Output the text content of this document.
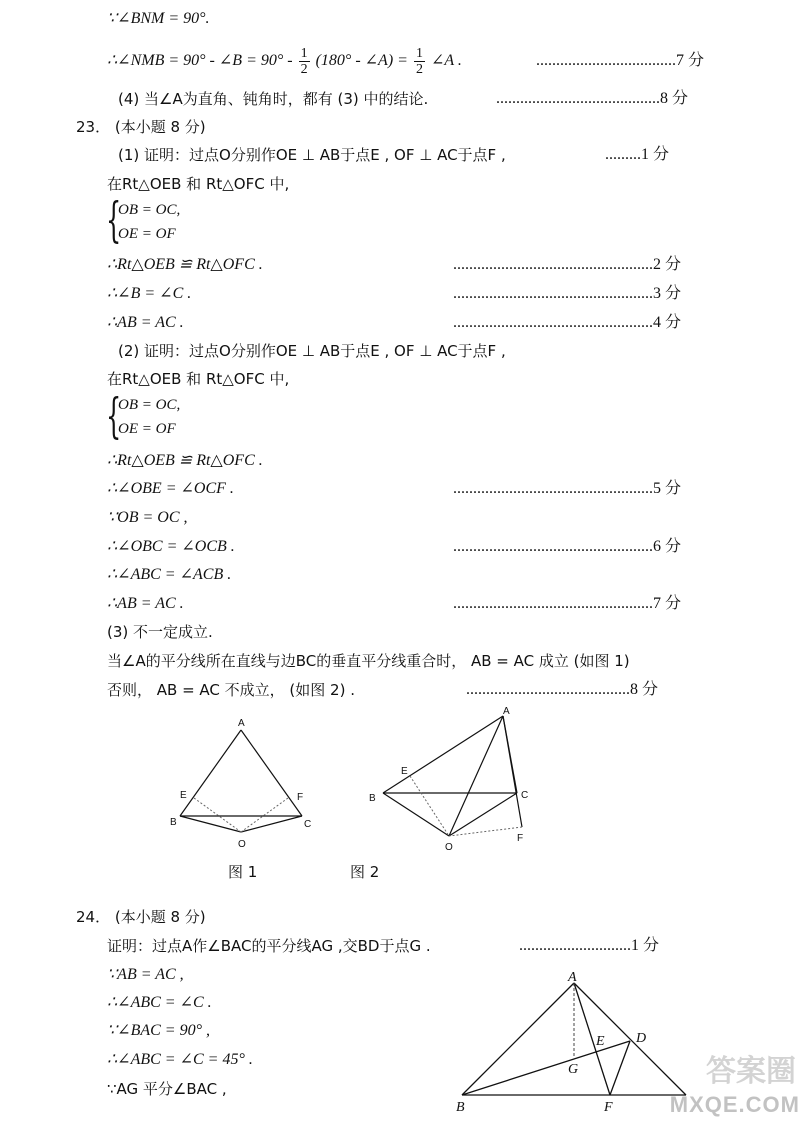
∵∠BNM = 90°.
∴∠NMB = 90° - ∠B = $90^\circ - \frac{1}{2} (180^\circ$ - ∠A) = $\frac{1}{2}$ ∠A .	...................................7 分
(4) 当∠A为直角、钝角时，都有 (3) 中的结论.	.........................................8 分
23． (本小题 8 分)
(1) 证明：过点O分别作OE ⊥ AB于点E , OF ⊥ AC于点F ,	.........1 分
在Rt△OEB 和 Rt△OFC 中,
{
OB = OC,
OE = OF
∴Rt△OEB ≌ Rt△OFC .	..................................................2 分
∴∠B = ∠C .	..................................................3 分
∴AB = AC .	..................................................4 分
(2) 证明：过点O分别作OE ⊥ AB于点E , OF ⊥ AC于点F ,
在Rt△OEB 和 Rt△OFC 中,
{
OB = OC,
OE = OF
∴Rt△OEB ≌ Rt△OFC .
∴∠OBE = ∠OCF .	..................................................5 分
∵OB = OC ,
∴∠OBC = ∠OCB .	..................................................6 分
∴∠ABC = ∠ACB .
∴AB = AC .	..................................................7 分
(3) 不一定成立.
当∠A的平分线所在直线与边BC的垂直平分线重合时， AB = AC 成立 (如图 1)
否则， AB = AC 不成立， (如图 2) .	.........................................8 分
A
E	F
B	C
O
图 1
A
E
B	C
O
F
图 2
24． (本小题 8 分)
证明：过点A作∠BAC的平分线AG ,交BD于点G .	............................1 分
∵AB = AC ,
∴∠ABC = ∠C .
∵∠BAC = 90° ,
∴∠ABC = ∠C = 45° .
∵AG 平分∠BAC ,
A
D
E
G
B	F
答案圈
MXQE.COM
